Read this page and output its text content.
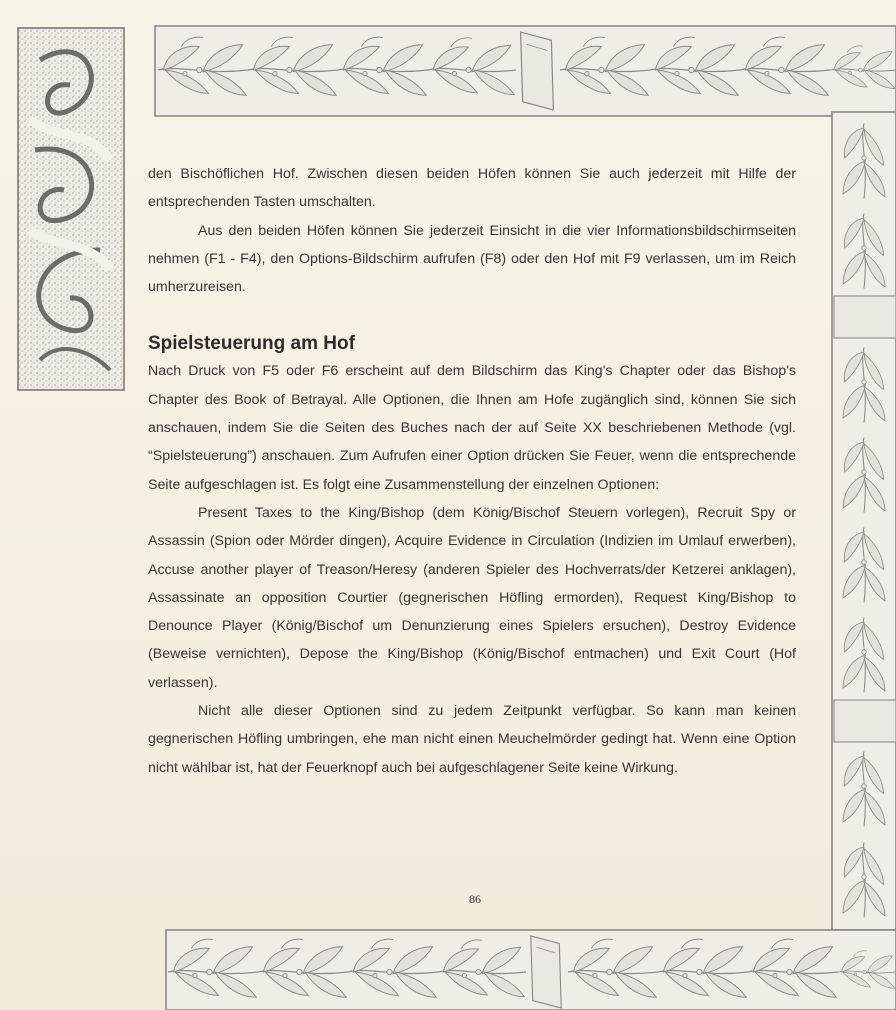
den Bischöflichen Hof. Zwischen diesen beiden Höfen können Sie auch jederzeit mit Hilfe der entsprechenden Tasten umschalten.

Aus den beiden Höfen können Sie jederzeit Einsicht in die vier Informationsbildschirmseiten nehmen (F1 - F4), den Options-Bildschirm aufrufen (F8) oder den Hof mit F9 verlassen, um im Reich umherzureisen.

Spielsteuerung am Hof

Nach Druck von F5 oder F6 erscheint auf dem Bildschirm das King's Chapter oder das Bishop's Chapter des Book of Betrayal. Alle Optionen, die Ihnen am Hofe zugänglich sind, können Sie sich anschauen, indem Sie die Seiten des Buches nach der auf Seite XX beschriebenen Methode (vgl. “Spielsteuerung”) anschauen. Zum Aufrufen einer Option drücken Sie Feuer, wenn die entsprechende Seite aufgeschlagen ist. Es folgt eine Zusammenstellung der einzelnen Optionen:

Present Taxes to the King/Bishop (dem König/Bischof Steuern vorlegen), Recruit Spy or Assassin (Spion oder Mörder dingen), Acquire Evidence in Circulation (Indizien im Umlauf erwerben), Accuse another player of Treason/Heresy (anderen Spieler des Hochverrats/der Ketzerei anklagen), Assassinate an opposition Courtier (gegnerischen Höfling ermorden), Request King/Bishop to Denounce Player (König/Bischof um Denunzierung eines Spielers ersuchen), Destroy Evidence (Beweise vernichten), Depose the King/Bishop (König/Bischof entmachen) und Exit Court (Hof verlassen).

Nicht alle dieser Optionen sind zu jedem Zeitpunkt verfügbar. So kann man keinen gegnerischen Höfling umbringen, ehe man nicht einen Meuchelmörder gedingt hat. Wenn eine Option nicht wählbar ist, hat der Feuerknopf auch bei aufgeschlagener Seite keine Wirkung.

86
